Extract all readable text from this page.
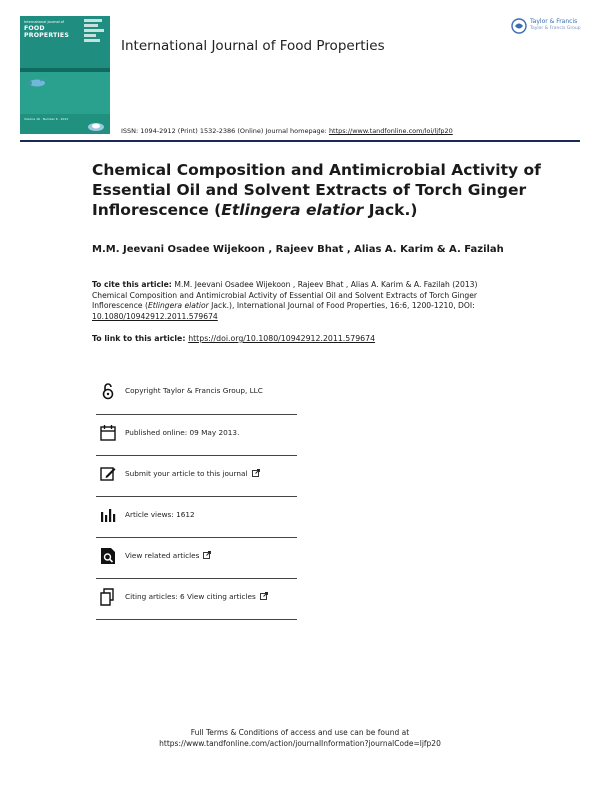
International Journal of
FOOD PROPERTIES
Volume 16 · Number 6 · 2013
International Journal of Food Properties
Taylor & Francis
Taylor & Francis Group
ISSN: 1094-2912 (Print) 1532-2386 (Online) Journal homepage: https://www.tandfonline.com/loi/ljfp20
Chemical Composition and Antimicrobial Activity of Essential Oil and Solvent Extracts of Torch Ginger Inflorescence (Etlingera elatior Jack.)
M.M. Jeevani Osadee Wijekoon , Rajeev Bhat , Alias A. Karim & A. Fazilah
To cite this article: M.M. Jeevani Osadee Wijekoon , Rajeev Bhat , Alias A. Karim & A. Fazilah (2013) Chemical Composition and Antimicrobial Activity of Essential Oil and Solvent Extracts of Torch Ginger Inflorescence (Etlingera elatior Jack.), International Journal of Food Properties, 16:6, 1200-1210, DOI: 10.1080/10942912.2011.579674
To link to this article: https://doi.org/10.1080/10942912.2011.579674
Copyright Taylor & Francis Group, LLC
Published online: 09 May 2013.
Submit your article to this journal
Article views: 1612
View related articles
Citing articles: 6 View citing articles
Full Terms & Conditions of access and use can be found at
https://www.tandfonline.com/action/journalInformation?journalCode=ljfp20
